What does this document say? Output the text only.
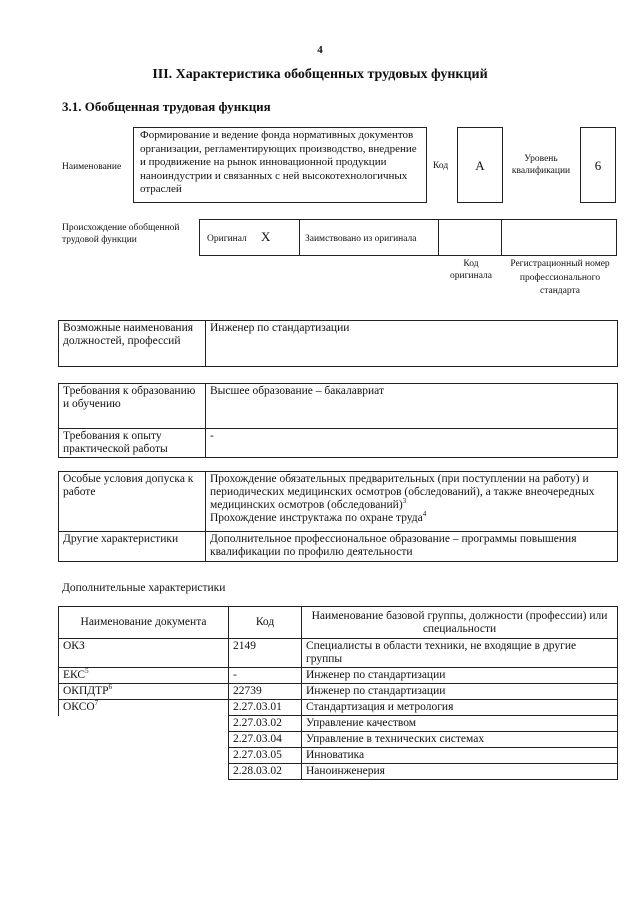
4
III. Характеристика обобщенных трудовых функций
3.1. Обобщенная трудовая функция
Наименование
Формирование и ведение фонда нормативных документов организации, регламентирующих производство, внедрение и продвижение на рынок инновационной продукции наноиндустрии и связанных с ней высокотехнологичных отраслей
Код	A	Уровень квалификации	6
Происхождение обобщенной трудовой функции	Оригинал X	Заимствовано из оригинала
Код оригинала
Регистрационный номер профессионального стандарта
Возможные наименования должностей, профессий	Инженер по стандартизации
Требования к образованию и обучению	Высшее образование – бакалавриат
Требования к опыту практической работы	-
Особые условия допуска к работе	Прохождение обязательных предварительных (при поступлении на работу) и периодических медицинских осмотров (обследований), а также внеочередных медицинских осмотров (обследований)$^3$
Прохождение инструктажа по охране труда$^4$
Другие характеристики	Дополнительное профессиональное образование – программы повышения квалификации по профилю деятельности
Дополнительные характеристики
Наименование документа	Код	Наименование базовой группы, должности (профессии) или специальности
ОКЗ	2149	Специалисты в области техники, не входящие в другие группы
ЕКС$^5$	-	Инженер по стандартизации
ОКПДТР$^6$	22739	Инженер по стандартизации
ОКСО$^7$	2.27.03.01	Стандартизация и метрология
	2.27.03.02	Управление качеством
	2.27.03.04	Управление в технических системах
	2.27.03.05	Инноватика
	2.28.03.02	Наноинженерия
